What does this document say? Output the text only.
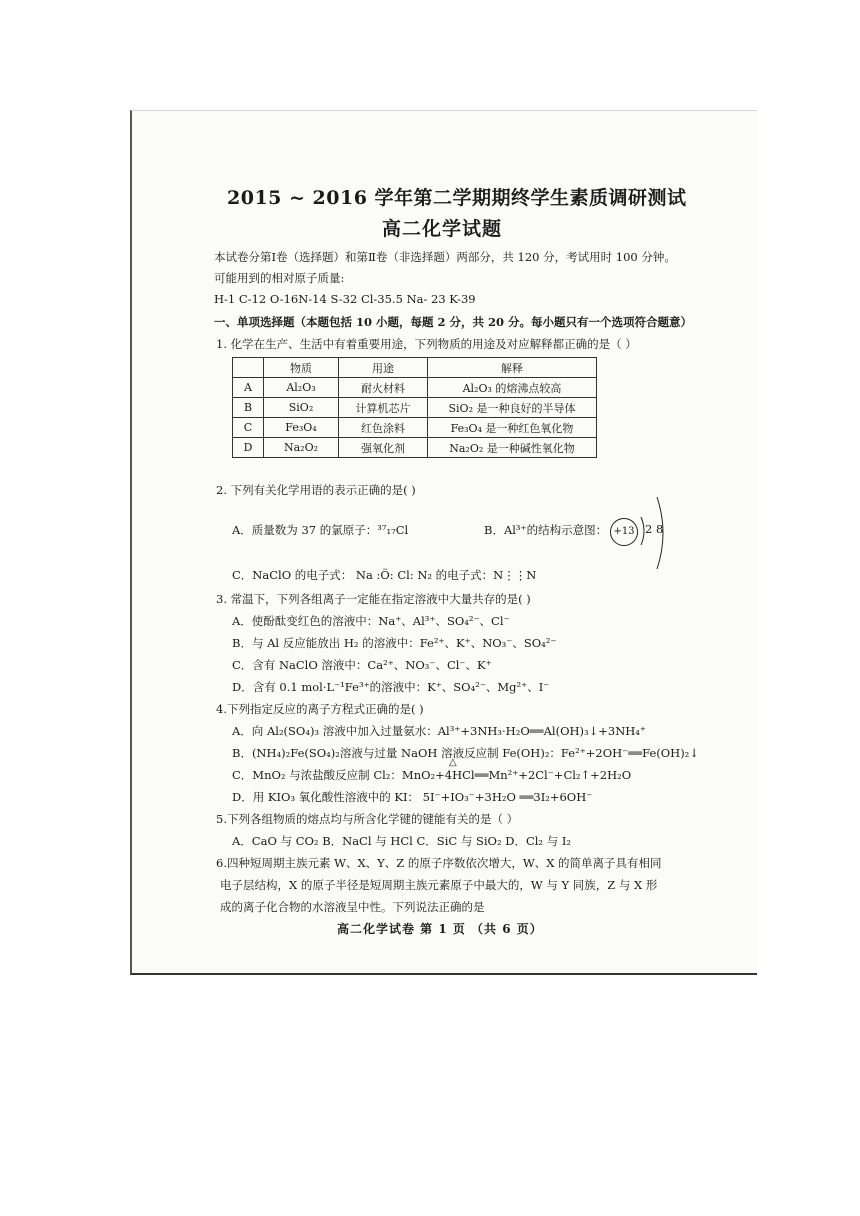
2015 ~ 2016 学年第二学期期终学生素质调研测试
高二化学试题
本试卷分第Ⅰ卷（选择题）和第Ⅱ卷（非选择题）两部分，共 120 分，考试用时 100 分钟。
可能用到的相对原子质量:
H-1 C-12 O-16N-14 S-32 Cl-35.5 Na- 23 K-39
一、单项选择题（本题包括 10 小题，每题 2 分，共 20 分。每小题只有一个选项符合题意）
1. 化学在生产、生活中有着重要用途，下列物质的用途及对应解释都正确的是（ ）
	物质	用途	解释
A	Al₂O₃	耐火材料	Al₂O₃ 的熔沸点较高
B	SiO₂	计算机芯片	SiO₂ 是一种良好的半导体
C	Fe₃O₄	红色涂料	Fe₃O₄ 是一种红色氧化物
D	Na₂O₂	强氧化剂	Na₂O₂ 是一种碱性氧化物
2. 下列有关化学用语的表示正确的是( )
A．质量数为 37 的氯原子：³⁷₁₇Cl	B．Al³⁺的结构示意图： +13 2 8
C．NaClO 的电子式： Na :Ö: Cl: N₂ 的电子式：N⋮⋮N
3. 常温下，下列各组离子一定能在指定溶液中大量共存的是( )
A．使酚酞变红色的溶液中：Na⁺、Al³⁺、SO₄²⁻、Cl⁻
B．与 Al 反应能放出 H₂ 的溶液中：Fe²⁺、K⁺、NO₃⁻、SO₄²⁻
C．含有 NaClO 溶液中：Ca²⁺、NO₃⁻、Cl⁻、K⁺
D．含有 0.1 mol·L⁻¹Fe³⁺的溶液中：K⁺、SO₄²⁻、Mg²⁺、I⁻
4.下列指定反应的离子方程式正确的是( )
A．向 Al₂(SO₄)₃ 溶液中加入过量氨水：Al³⁺+3NH₃·H₂O══Al(OH)₃↓+3NH₄⁺
B．(NH₄)₂Fe(SO₄)₂溶液与过量 NaOH 溶液反应制 Fe(OH)₂：Fe²⁺+2OH⁻══Fe(OH)₂↓
C．MnO₂ 与浓盐酸反应制 Cl₂：MnO₂+4HCl══Mn²⁺+2Cl⁻+Cl₂↑+2H₂O
△
D．用 KIO₃ 氧化酸性溶液中的 KI： 5I⁻+IO₃⁻+3H₂O ══3I₂+6OH⁻
5.下列各组物质的熔点均与所含化学键的键能有关的是（ ）
A．CaO 与 CO₂ B．NaCl 与 HCl C．SiC 与 SiO₂ D．Cl₂ 与 I₂
6.四种短周期主族元素 W、X、Y、Z 的原子序数依次增大，W、X 的简单离子具有相同
电子层结构，X 的原子半径是短周期主族元素原子中最大的，W 与 Y 同族，Z 与 X 形
成的离子化合物的水溶液呈中性。下列说法正确的是
高二化学试卷 第 1 页 （共 6 页）
